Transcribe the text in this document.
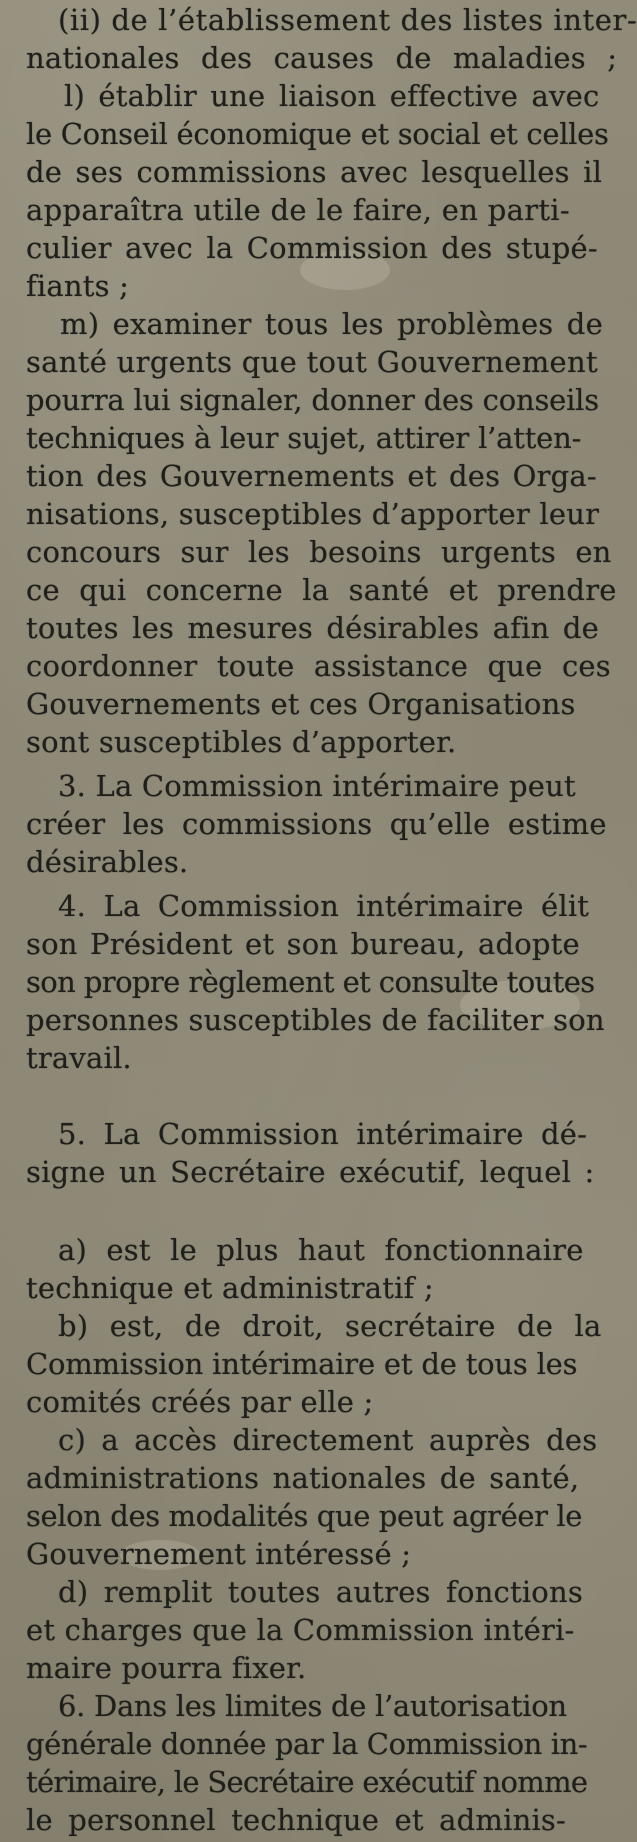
(ii) de l’établissement des listes inter-
nationales des causes de maladies ;
l) établir une liaison effective avec
le Conseil économique et social et celles
de ses commissions avec lesquelles il
apparaîtra utile de le faire, en parti-
culier avec la Commission des stupé-
fiants ;
m) examiner tous les problèmes de
santé urgents que tout Gouvernement
pourra lui signaler, donner des conseils
techniques à leur sujet, attirer l’atten-
tion des Gouvernements et des Orga-
nisations, susceptibles d’apporter leur
concours sur les besoins urgents en
ce qui concerne la santé et prendre
toutes les mesures désirables afin de
coordonner toute assistance que ces
Gouvernements et ces Organisations
sont susceptibles d’apporter.
3. La Commission intérimaire peut
créer les commissions qu’elle estime
désirables.
4. La Commission intérimaire élit
son Président et son bureau, adopte
son propre règlement et consulte toutes
personnes susceptibles de faciliter son
travail.
5. La Commission intérimaire dé-
signe un Secrétaire exécutif, lequel :
a) est le plus haut fonctionnaire
technique et administratif ;
b) est, de droit, secrétaire de la
Commission intérimaire et de tous les
comités créés par elle ;
c) a accès directement auprès des
administrations nationales de santé,
selon des modalités que peut agréer le
Gouvernement intéressé ;
d) remplit toutes autres fonctions
et charges que la Commission intéri-
maire pourra fixer.
6. Dans les limites de l’autorisation
générale donnée par la Commission in-
térimaire, le Secrétaire exécutif nomme
le personnel technique et adminis-
